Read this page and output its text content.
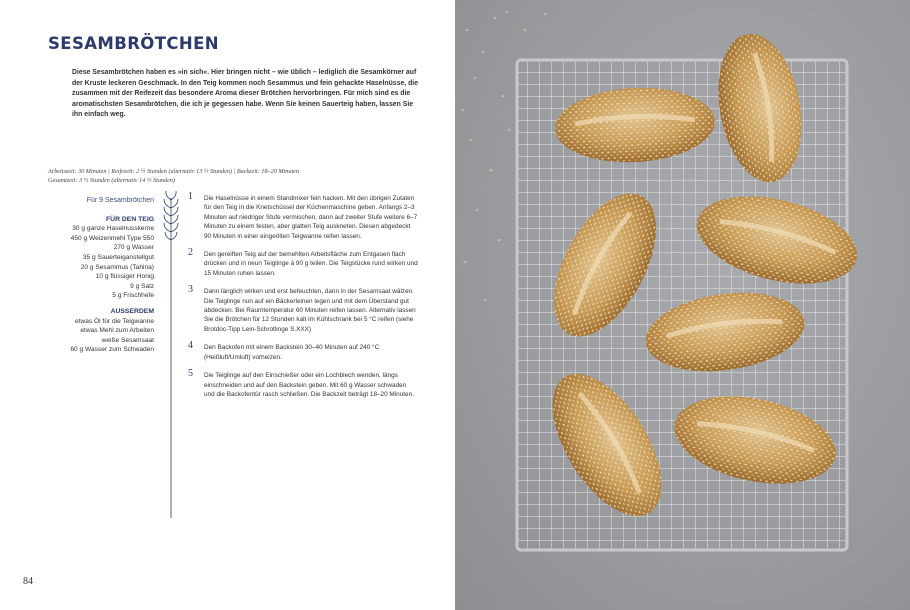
SESAMBRÖTCHEN

Diese Sesambrötchen haben es »in sich«. Hier bringen nicht – wie üblich – lediglich die Sesamkörner auf der Kruste leckeren Geschmack. In den Teig kommen noch Sesammus und fein gehackte Haselnüsse, die zusammen mit der Reifezeit das besondere Aroma dieser Brötchen hervorbringen. Für mich sind es die aromatischsten Sesambrötchen, die ich je gegessen habe. Wenn Sie keinen Sauerteig haben, lassen Sie ihn einfach weg.

Arbeitszeit: 30 Minuten | Reifezeit: 2 ½ Stunden (alternativ 13 ½ Stunden) | Backzeit: 18–20 Minuten
Gesamtzeit: 3 ½ Stunden (alternativ 14 ½ Stunden)
Für 9 Sesambrötchen
FÜR DEN TEIG
30 g ganze Haselnusskerne
450 g Weizenmehl Type 550
270 g Wasser
35 g Sauerteiganstellgut
20 g Sesammus (Tahina)
10 g flüssiger Honig
9 g Salz
5 g Frischhefe
AUSSERDEM
etwas Öl für die Teigwanne
etwas Mehl zum Arbeiten
weiße Sesamsaat
60 g Wasser zum Schwaden
1 Die Haselnüsse in einem Standmixer fein hacken. Mit den übrigen Zutaten für den Teig in die Knetschüssel der Küchenmaschine geben. Anfangs 2–3 Minuten auf niedriger Stufe vermischen, dann auf zweiter Stufe weitere 6–7 Minuten zu einem festen, aber glatten Teig auskneten. Diesen abgedeckt 90 Minuten in einer eingeölten Teigwanne reifen lassen.
2 Den gereiften Teig auf der bemehlten Arbeitsfläche zum Entgasen flach drücken und in neun Teiglinge à 90 g teilen. Die Teigstücke rund wirken und 15 Minuten ruhen lassen.
3 Dann länglich wirken und erst befeuchten, dann in der Sesamsaat wälzen. Die Teiglinge nun auf ein Bäckerleinen legen und mit dem Überstand gut abdecken. Bei Raumtemperatur 60 Minuten reifen lassen. Alternativ lassen Sie die Brötchen für 12 Stunden kalt im Kühlschrank bei 5 °C reifen (siehe Brotdoc-Tipp Lein-Schrotlinge S.XXX)
4 Den Backofen mit einem Backstein 30–40 Minuten auf 240 °C (Heißluft/Umluft) vorheizen.
5 Die Teiglinge auf den Einschießer oder ein Lochblech wenden, längs einschneiden und auf den Backstein geben. Mit 60 g Wasser schwaden und die Backofentür rasch schließen. Die Backzeit beträgt 18–20 Minuten.
84
